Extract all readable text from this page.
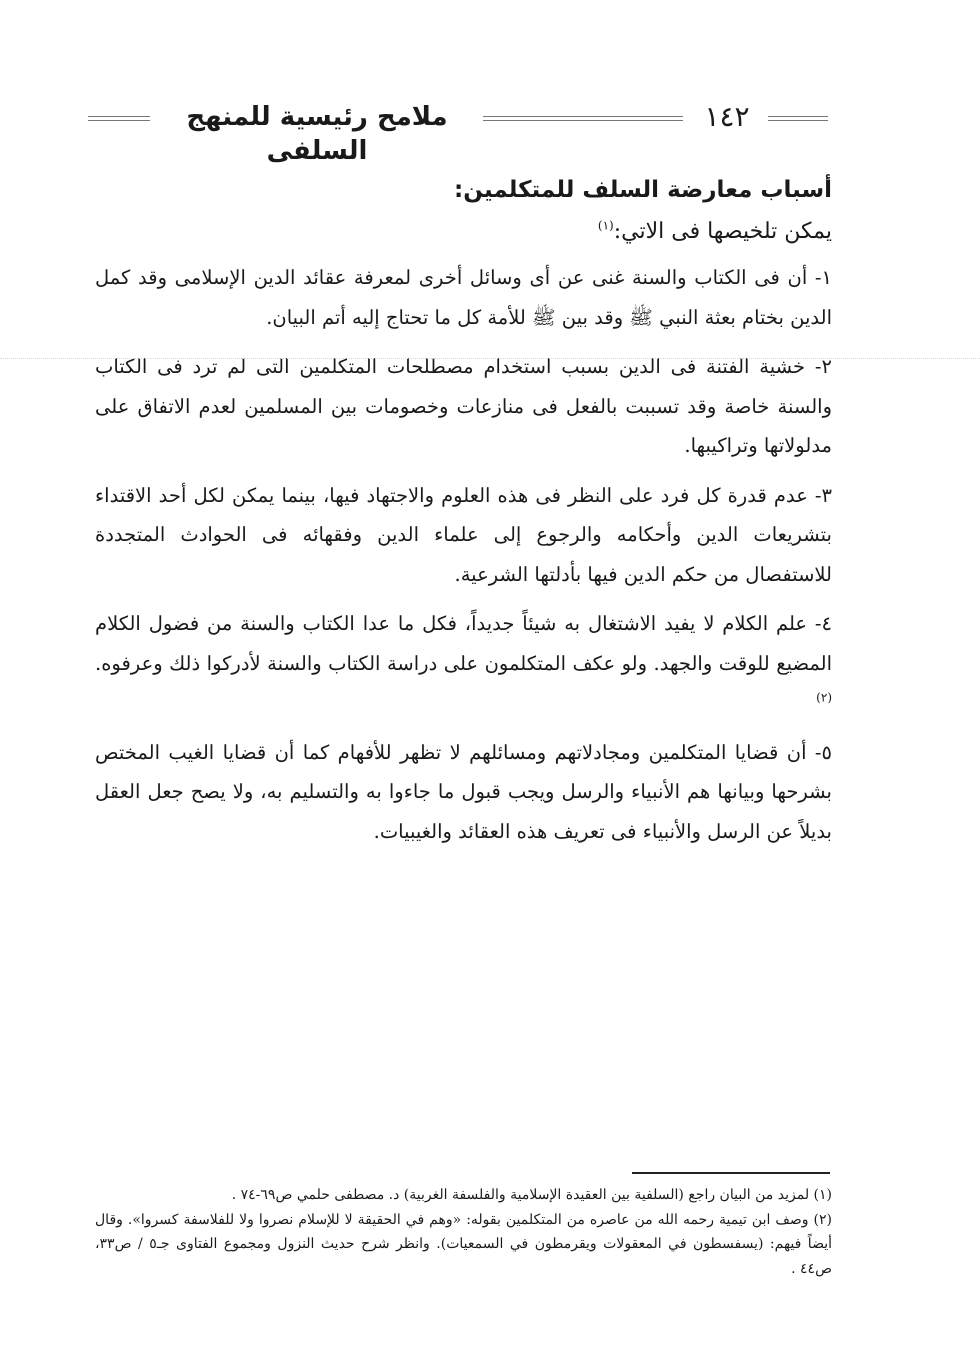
ملامح رئيسية للمنهج السلفى
١٤٢
أسباب معارضة السلف للمتكلمين:
يمكن تلخيصها فى الاتي:$^{(١)}$

١- أن فى الكتاب والسنة غنى عن أى وسائل أخرى لمعرفة عقائد الدين الإسلامى وقد كمل الدين بختام بعثة النبي ﷺ وقد بين ﷺ للأمة كل ما تحتاج إليه أتم البيان.

٢- خشية الفتنة فى الدين بسبب استخدام مصطلحات المتكلمين التى لم ترد فى الكتاب والسنة خاصة وقد تسببت بالفعل فى منازعات وخصومات بين المسلمين لعدم الاتفاق على مدلولاتها وتراكيبها.

٣- عدم قدرة كل فرد على النظر فى هذه العلوم والاجتهاد فيها، بينما يمكن لكل أحد الاقتداء بتشريعات الدين وأحكامه والرجوع إلى علماء الدين وفقهائه فى الحوادث المتجددة للاستفصال من حكم الدين فيها بأدلتها الشرعية.

٤- علم الكلام لا يفيد الاشتغال به شيئاً جديداً، فكل ما عدا الكتاب والسنة من فضول الكلام المضيع للوقت والجهد. ولو عكف المتكلمون على دراسة الكتاب والسنة لأدركوا ذلك وعرفوه.$^{(٢)}$

٥- أن قضايا المتكلمين ومجادلاتهم ومسائلهم لا تظهر للأفهام كما أن قضايا الغيب المختص بشرحها وبيانها هم الأنبياء والرسل ويجب قبول ما جاءوا به والتسليم به، ولا يصح جعل العقل بديلاً عن الرسل والأنبياء فى تعريف هذه العقائد والغيبيات.

(١) لمزيد من البيان راجع (السلفية بين العقيدة الإسلامية والفلسفة الغربية) د. مصطفى حلمي ص٦٩-٧٤ .

(٢) وصف ابن تيمية رحمه الله من عاصره من المتكلمين بقوله: «وهم في الحقيقة لا للإسلام نصروا ولا للفلاسفة كسروا». وقال أيضاً فيهم: (يسفسطون في المعقولات ويقرمطون في السمعيات). وانظر شرح حديث النزول ومجموع الفتاوى جـ٥ / ص٣٣، ص٤٤ .
